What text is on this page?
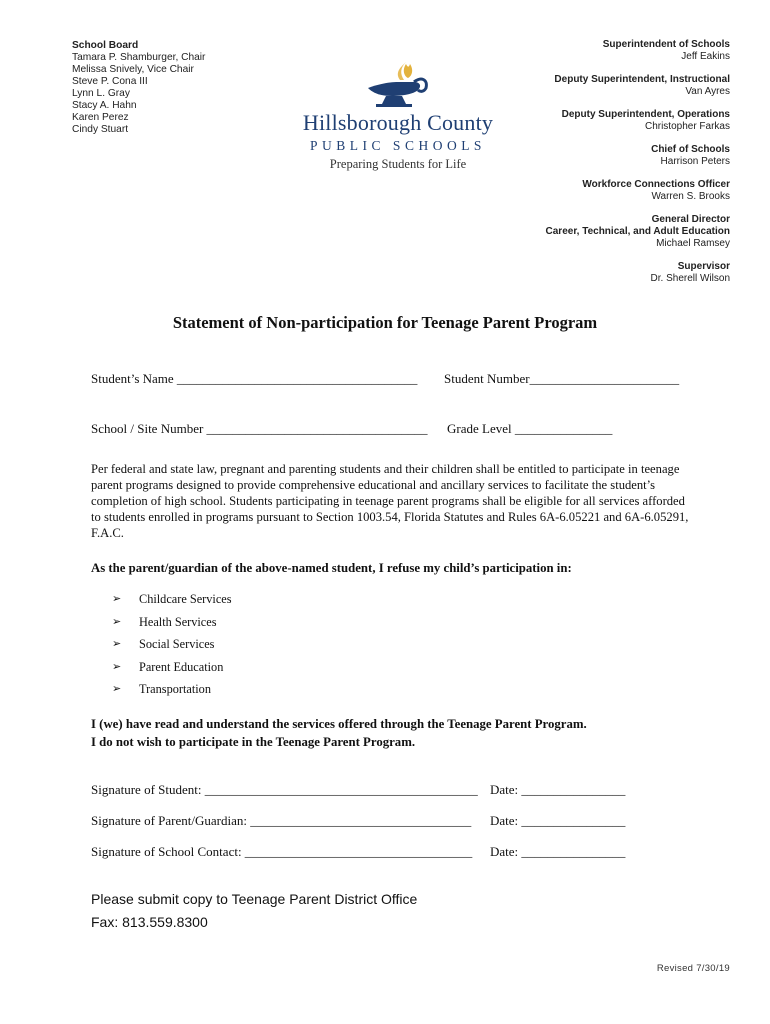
School Board
Tamara P. Shamburger, Chair
Melissa Snively, Vice Chair
Steve P. Cona III
Lynn L. Gray
Stacy A. Hahn
Karen Perez
Cindy Stuart	Hillsborough County
PUBLIC SCHOOLS
Preparing Students for Life
Superintendent of Schools
Jeff Eakins
Deputy Superintendent, Instructional
Van Ayres
Deputy Superintendent, Operations
Christopher Farkas
Chief of Schools
Harrison Peters
Workforce Connections Officer
Warren S. Brooks
General Director
Career, Technical, and Adult Education
Michael Ramsey
Supervisor
Dr. Sherell Wilson
Statement of Non-participation for Teenage Parent Program
Student’s Name _____________________________________ Student Number_______________________
School / Site Number __________________________________ Grade Level _______________
Per federal and state law, pregnant and parenting students and their children shall be entitled to participate in teenage parent programs designed to provide comprehensive educational and ancillary services to facilitate the student’s completion of high school. Students participating in teenage parent programs shall be eligible for all services afforded to students enrolled in programs pursuant to Section 1003.54, Florida Statutes and Rules 6A-6.05221 and 6A-6.05291, F.A.C.
As the parent/guardian of the above-named student, I refuse my child’s participation in:
➢	Childcare Services
➢	Health Services
➢	Social Services
➢	Parent Education
➢	Transportation
I (we) have read and understand the services offered through the Teenage Parent Program.
I do not wish to participate in the Teenage Parent Program.
Signature of Student: __________________________________________ Date: ________________
Signature of Parent/Guardian: __________________________________ Date: ________________
Signature of School Contact: ___________________________________ Date: ________________
Please submit copy to Teenage Parent District Office
Fax: 813.559.8300
Revised 7/30/19
